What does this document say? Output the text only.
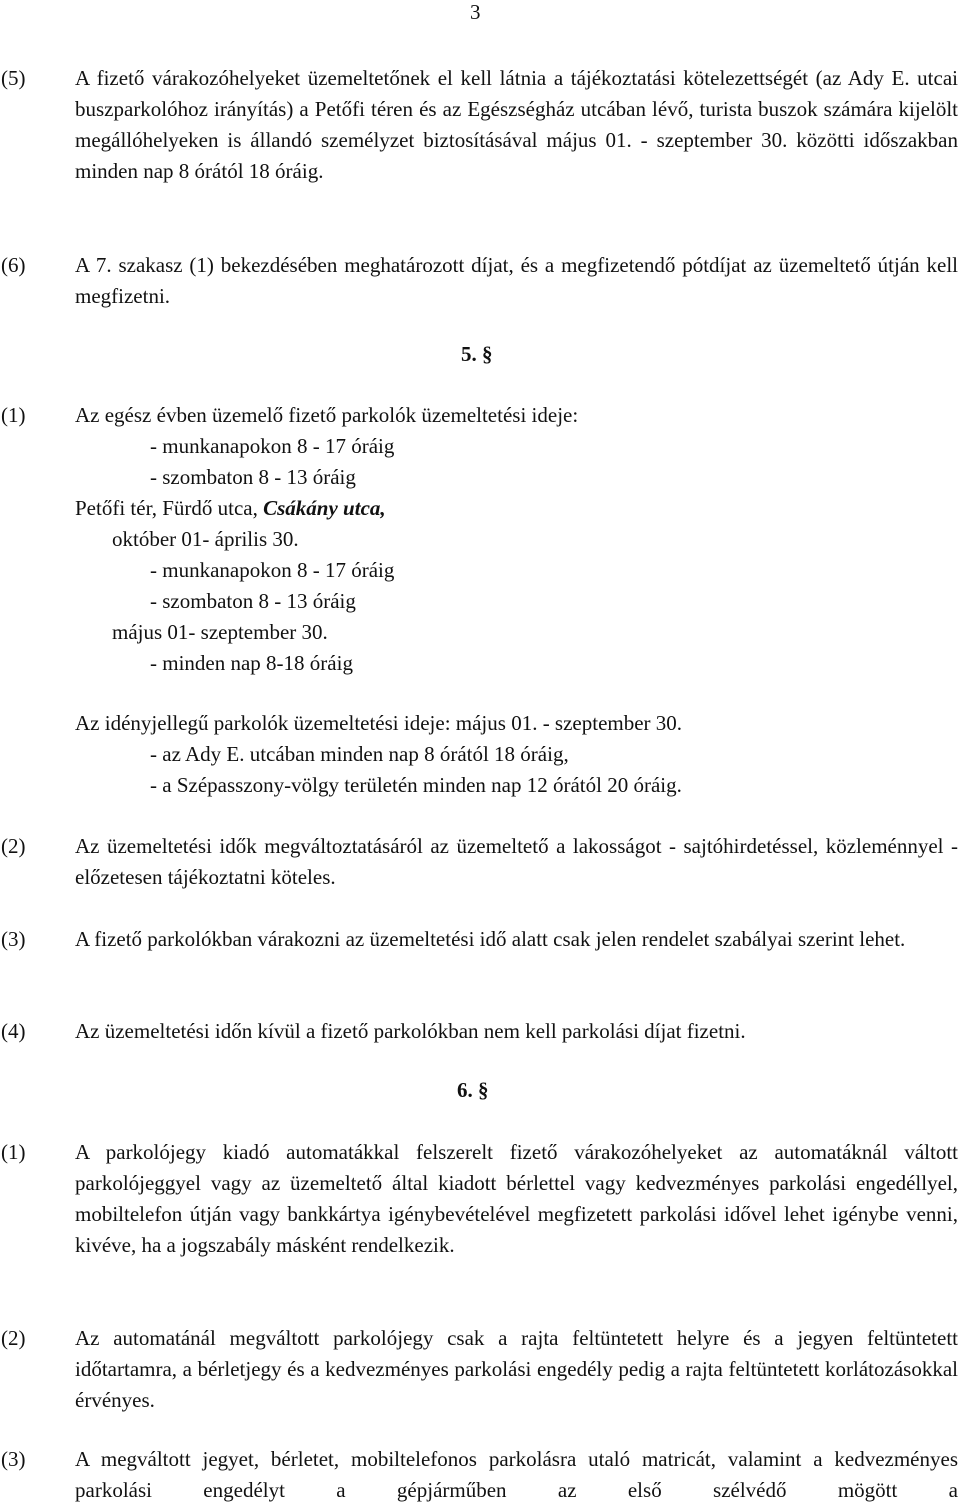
3
(5) A fizető várakozóhelyeket üzemeltetőnek el kell látnia a tájékoztatási kötelezettségét (az Ady E. utcai buszparkolóhoz irányítás) a Petőfi téren és az Egészségház utcában lévő, turista buszok számára kijelölt megállóhelyeken is állandó személyzet biztosításával május 01. - szeptember 30. közötti időszakban minden nap 8 órától 18 óráig.

(6) A 7. szakasz (1) bekezdésében meghatározott díjat, és a megfizetendő pótdíjat az üzemeltető útján kell megfizetni.

5. §
(1) Az egész évben üzemelő fizető parkolók üzemeltetési ideje:
- munkanapokon 8 - 17 óráig
- szombaton 8 - 13 óráig
Petőfi tér, Fürdő utca, Csákány utca,
október 01- április 30.
- munkanapokon 8 - 17 óráig
- szombaton 8 - 13 óráig
május 01- szeptember 30.
- minden nap 8-18 óráig
Az idényjellegű parkolók üzemeltetési ideje: május 01. - szeptember 30.
- az Ady E. utcában minden nap 8 órától 18 óráig,
- a Szépasszony-völgy területén minden nap 12 órától 20 óráig.
(2) Az üzemeltetési idők megváltoztatásáról az üzemeltető a lakosságot - sajtóhirdetéssel, közleménnyel - előzetesen tájékoztatni köteles.

(3) A fizető parkolókban várakozni az üzemeltetési idő alatt csak jelen rendelet szabályai szerint lehet.

(4) Az üzemeltetési időn kívül a fizető parkolókban nem kell parkolási díjat fizetni.

6. §
(1) A parkolójegy kiadó automatákkal felszerelt fizető várakozóhelyeket az automatáknál váltott parkolójeggyel vagy az üzemeltető által kiadott bérlettel vagy kedvezményes parkolási engedéllyel, mobiltelefon útján vagy bankkártya igénybevételével megfizetett parkolási idővel lehet igénybe venni, kivéve, ha a jogszabály másként rendelkezik.

(2) Az automatánál megváltott parkolójegy csak a rajta feltüntetett helyre és a jegyen feltüntetett időtartamra, a bérletjegy és a kedvezményes parkolási engedély pedig a rajta feltüntetett korlátozásokkal érvényes.

(3) A megváltott jegyet, bérletet, mobiltelefonos parkolásra utaló matricát, valamint a kedvezményes parkolási engedélyt a gépjárműben az első szélvédő mögött a
